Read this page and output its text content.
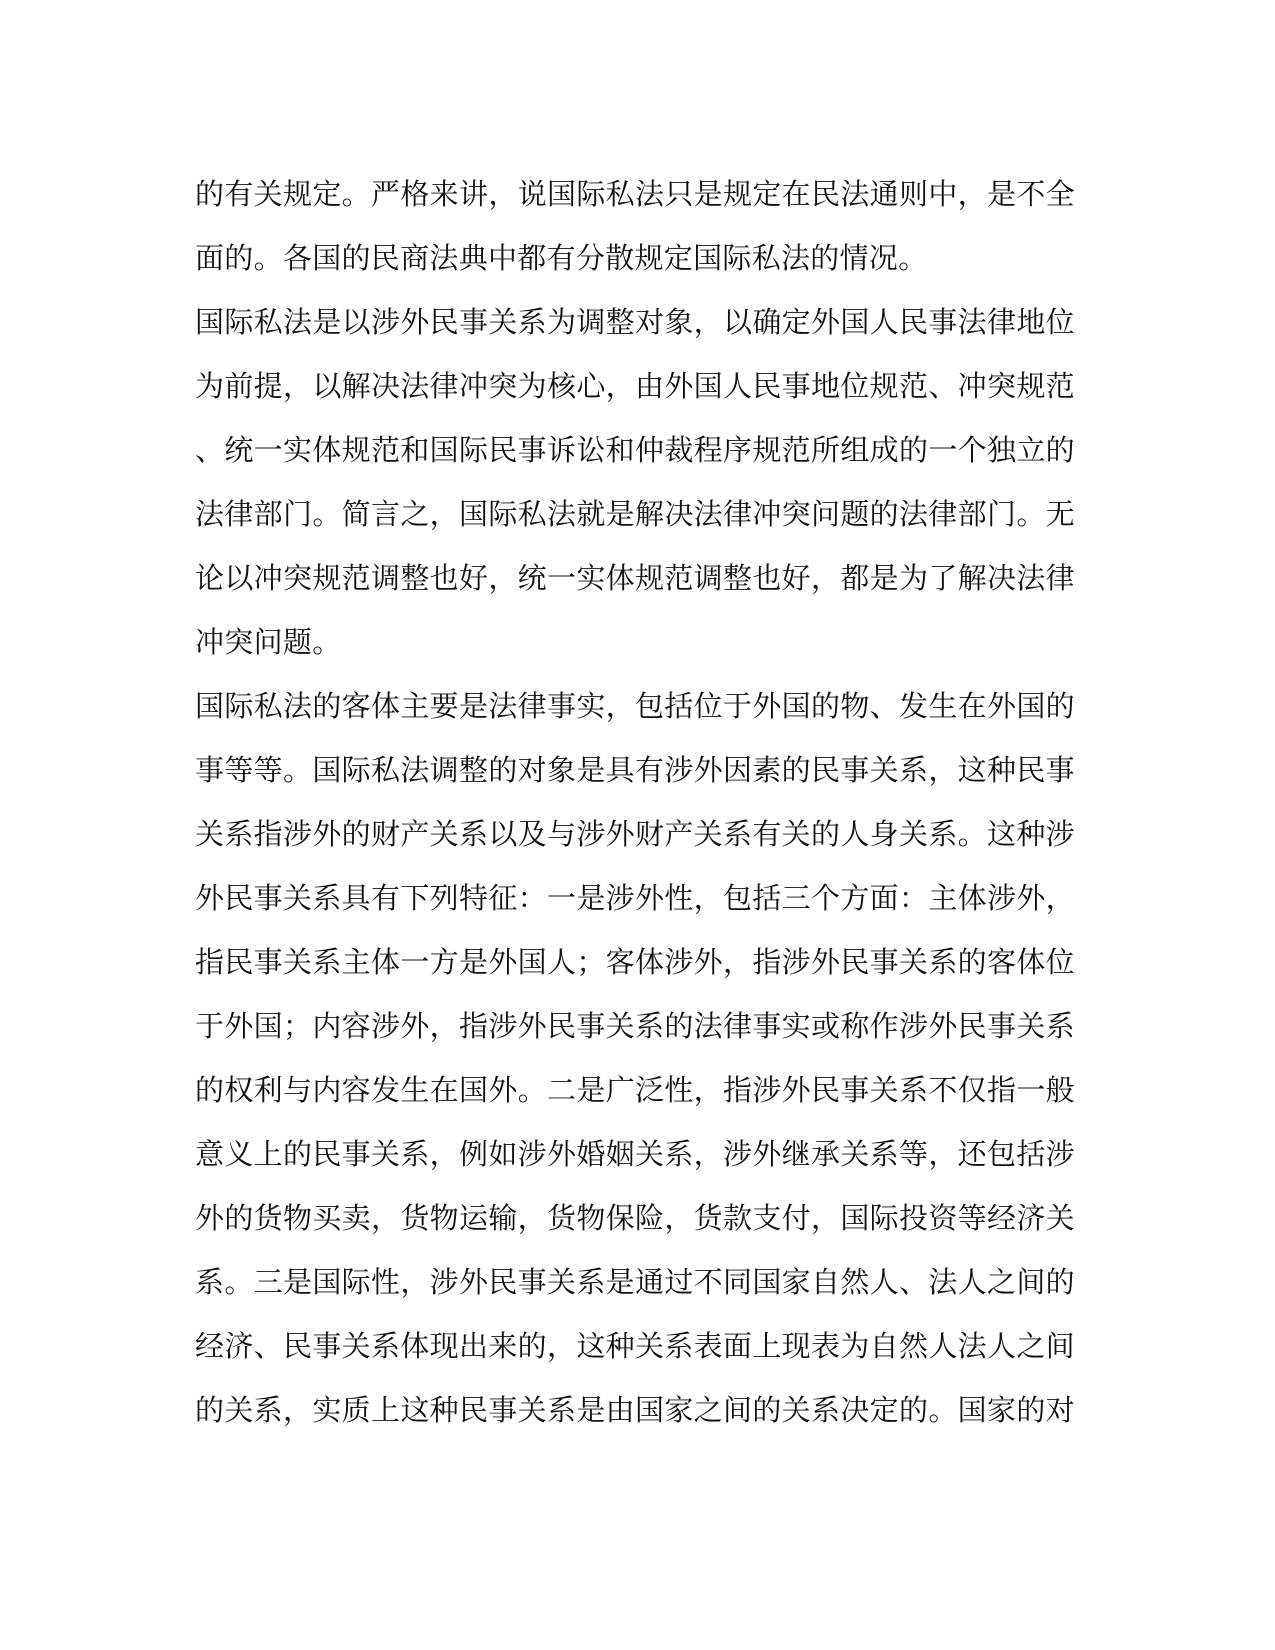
的有关规定。严格来讲，说国际私法只是规定在民法通则中，是不全
面的。各国的民商法典中都有分散规定国际私法的情况。
国际私法是以涉外民事关系为调整对象，以确定外国人民事法律地位
为前提，以解决法律冲突为核心，由外国人民事地位规范、冲突规范
、统一实体规范和国际民事诉讼和仲裁程序规范所组成的一个独立的
法律部门。简言之，国际私法就是解决法律冲突问题的法律部门。无
论以冲突规范调整也好，统一实体规范调整也好，都是为了解决法律
冲突问题。
国际私法的客体主要是法律事实，包括位于外国的物、发生在外国的
事等等。国际私法调整的对象是具有涉外因素的民事关系，这种民事
关系指涉外的财产关系以及与涉外财产关系有关的人身关系。这种涉
外民事关系具有下列特征：一是涉外性，包括三个方面：主体涉外，
指民事关系主体一方是外国人；客体涉外，指涉外民事关系的客体位
于外国；内容涉外，指涉外民事关系的法律事实或称作涉外民事关系
的权利与内容发生在国外。二是广泛性，指涉外民事关系不仅指一般
意义上的民事关系，例如涉外婚姻关系，涉外继承关系等，还包括涉
外的货物买卖，货物运输，货物保险，货款支付，国际投资等经济关
系。三是国际性，涉外民事关系是通过不同国家自然人、法人之间的
经济、民事关系体现出来的，这种关系表面上现表为自然人法人之间
的关系，实质上这种民事关系是由国家之间的关系决定的。国家的对
